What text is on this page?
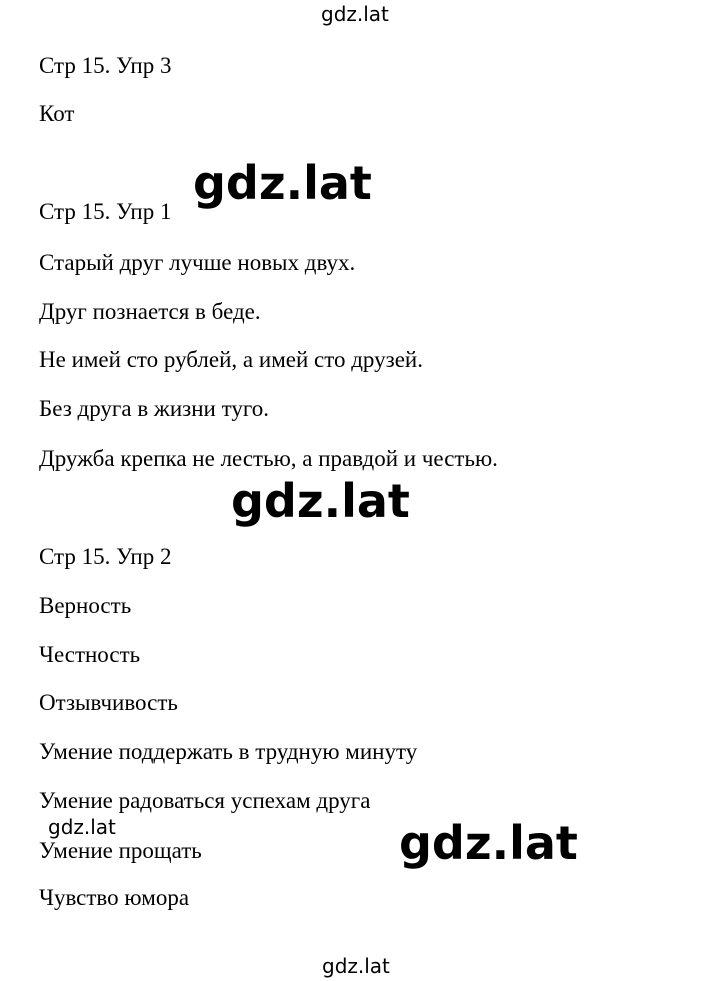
gdz.lat
gdz.lat
gdz.lat
gdz.lat	gdz.lat
gdz.lat
Стр 15. Упр 3
Кот
Стр 15. Упр 1
Старый друг лучше новых двух.
Друг познается в беде.
Не имей сто рублей, а имей сто друзей.
Без друга в жизни туго.
Дружба крепка не лестью, а правдой и честью.
Стр 15. Упр 2
Верность
Честность
Отзывчивость
Умение поддержать в трудную минуту
Умение радоваться успехам друга
Умение прощать
Чувство юмора
